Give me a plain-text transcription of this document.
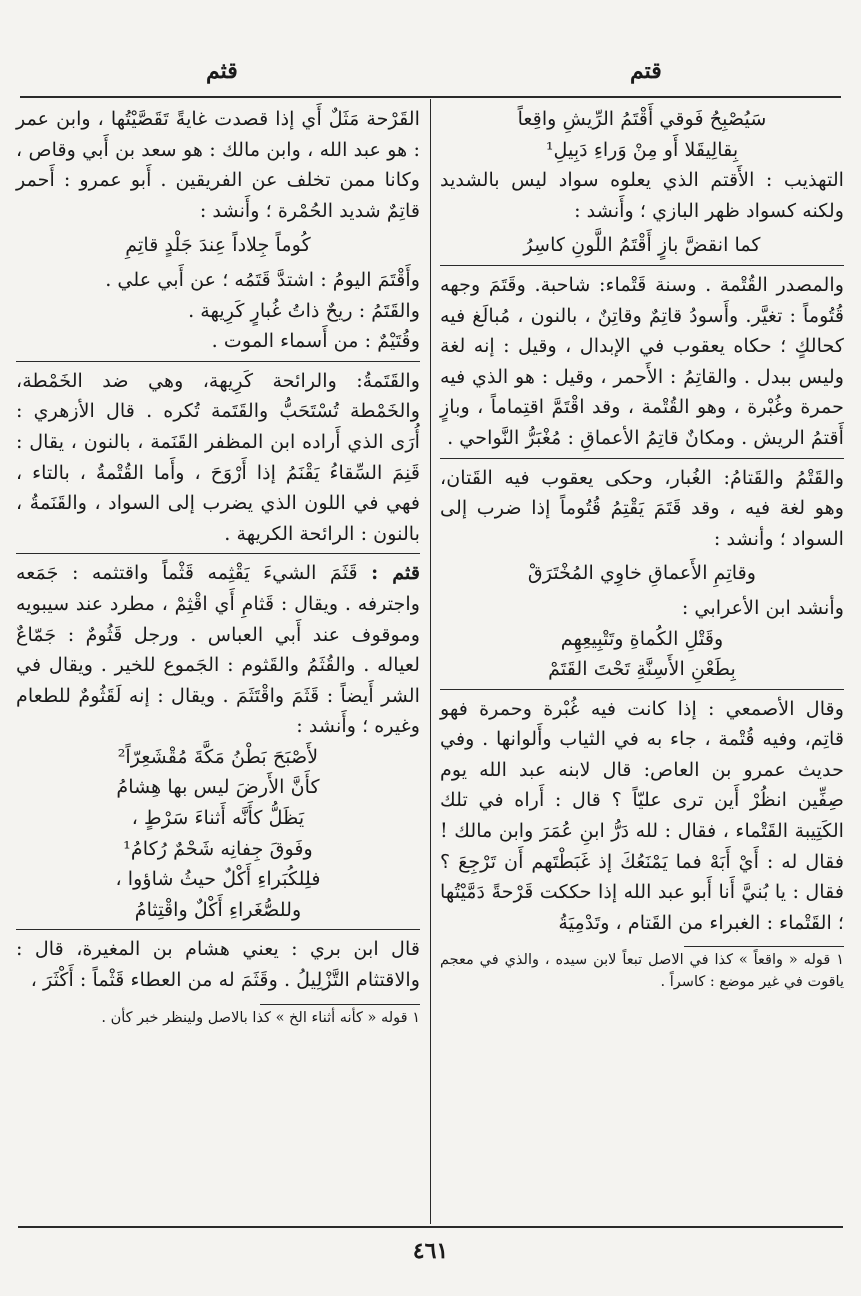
قتم
قثم

سَيُصْبِحُ فَوقي أَقْتَمُ الرِّيشِ واقِعاً

بِقالِيقَلا أَو مِنْ وَراءِ دَبِيلِ¹

التهذيب : الأَقتم الذي يعلوه سواد ليس بالشديد ولكنه كسواد ظهر البازي ؛ وأَنشد :

كما انقضَّ بازٍ أَقْتَمُ اللَّونِ كاسِرُ

والمصدر القُتْمة . وسنة قَتْماء: شاحبة. وقَتَمَ وجهه قُتُوماً : تغيَّر. وأَسودُ قاتِمٌ وقاتِنٌ ، بالنون ، مُبالَغ فيه كحالكٍ ؛ حكاه يعقوب في الإبدال ، وقيل : إنه لغة وليس ببدل . والقاتِمُ : الأَحمر ، وقيل : هو الذي فيه حمرة وغُبْرة ، وهو القُتْمة ، وقد اقْتَمَّ اقتِماماً ، وبازٍ أَقتمُ الريش . ومكانٌ قاتِمُ الأعماقِ : مُغْبَرُّ النَّواحي .

والقَتْمُ والقَتامُ: الغُبار، وحكى يعقوب فيه القَتان، وهو لغة فيه ، وقد قَتَمَ يَقْتِمُ قُتُوماً إذا ضرب إلى السواد ؛ وأنشد :

وقاتِمِ الأَعماقِ خاوِي المُخْتَرَقْ

وأنشد ابن الأعرابي :

وقَتْلِ الكُماةِ وتَتْبِيعِهِم

بِطَعْنِ الأَسِنَّةِ تَحْتَ القَتَمْ

وقال الأصمعي : إذا كانت فيه غُبْرة وحمرة فهو قاتِم، وفيه قُتْمة ، جاء به في الثياب وأَلوانها . وفي حديث عمرو بن العاص: قال لابنه عبد الله يوم صِفِّين انظُرْ أَين ترى عليّاً ؟ قال : أَراه في تلك الكَتِيبة القَتْماء ، فقال : لله دَرُّ ابنِ عُمَرَ وابن مالك ! فقال له : أَيْ أَبَهْ فما يَمْنَعُكَ إذ غَبَطْتَهم أَن تَرْجِعَ ؟ فقال : يا بُنيَّ أَنا أَبو عبد الله إذا حككت قَرْحةً دَمَّيْتُها ؛ القَتْماء : الغبراء من القَتام ، وتَدْمِيَةُ

١ قوله « واقعاً » كذا في الاصل تبعاً لابن سيده ، والذي في معجم ياقوت في غير موضع : كاسراً .

القَرْحة مَثَلٌ أَي إذا قصدت غايةً تَقَصَّيْتُها ، وابن عمر : هو عبد الله ، وابن مالك : هو سعد بن أَبي وقاص ، وكانا ممن تخلف عن الفريقين . أَبو عمرو : أَحمر قاتِمٌ شديد الحُمْرة ؛ وأَنشد :

كُوماً جِلاداً عِندَ جَلْدٍ قاتِمِ

وأَقْتَمَ اليومُ : اشتدَّ قَتَمُه ؛ عن أَبي علي .

والقَتَمُ : ريحٌ ذاتُ غُبارٍ كَرِيهة .

وقُتَيْمٌ : من أَسماء الموت .

والقَتَمةُ: والرائحة كَرِيهة، وهي ضد الخَمْطة، والخَمْطة تُسْتَحَبُّ والقَتَمة تُكره . قال الأزهري : أُرَى الذي أَراده ابن المظفر القَنَمة ، بالنون ، يقال : قَنِمَ السِّقاءُ يَقْنَمُ إذا أَرْوَحَ ، وأَما القُتْمةُ ، بالتاء ، فهي في اللون الذي يضرب إلى السواد ، والقَنَمةُ ، بالنون : الرائحة الكريهة .

قثم : قَثَمَ الشيءَ يَقْثِمه قَثْماً واقتثمه : جَمَعه واجترفه . ويقال : قَثامِ أَي اقْثِمْ ، مطرد عند سيبويه وموقوف عند أَبي العباس . ورجل قَثُومٌ : جَمّاعٌ لعياله . والقُثَمُ والقَثوم : الجَموع للخير . ويقال في الشر أَيضاً : قَثَمَ واقْتَثَمَ . ويقال : إنه لَقَثُومٌ للطعام وغيره ؛ وأَنشد :

لأَصْبَحَ بَطْنُ مَكَّةَ مُقْشَعِرّاً²

كأَنَّ الأَرضَ ليس بها هِشامُ

يَظَلُّ كأَنَّه أَثناءَ سَرْطٍ ،

وفَوقَ جِفانِه شَحْمٌ رُكامُ¹

فلِلكُبَراءِ أَكْلٌ حيثُ شاؤوا ،

وللصُّغَراءِ أَكْلٌ واقْتِثامُ

قال ابن بري : يعني هشام بن المغيرة، قال : والاقتثام التَّزْلِيلُ . وقَثَمَ له من العطاء قَثْماً : أَكْثَرَ ،

١ قوله « كأنه أثناء الخ » كذا بالاصل ولينظر خبر كأن .

٤٦١
